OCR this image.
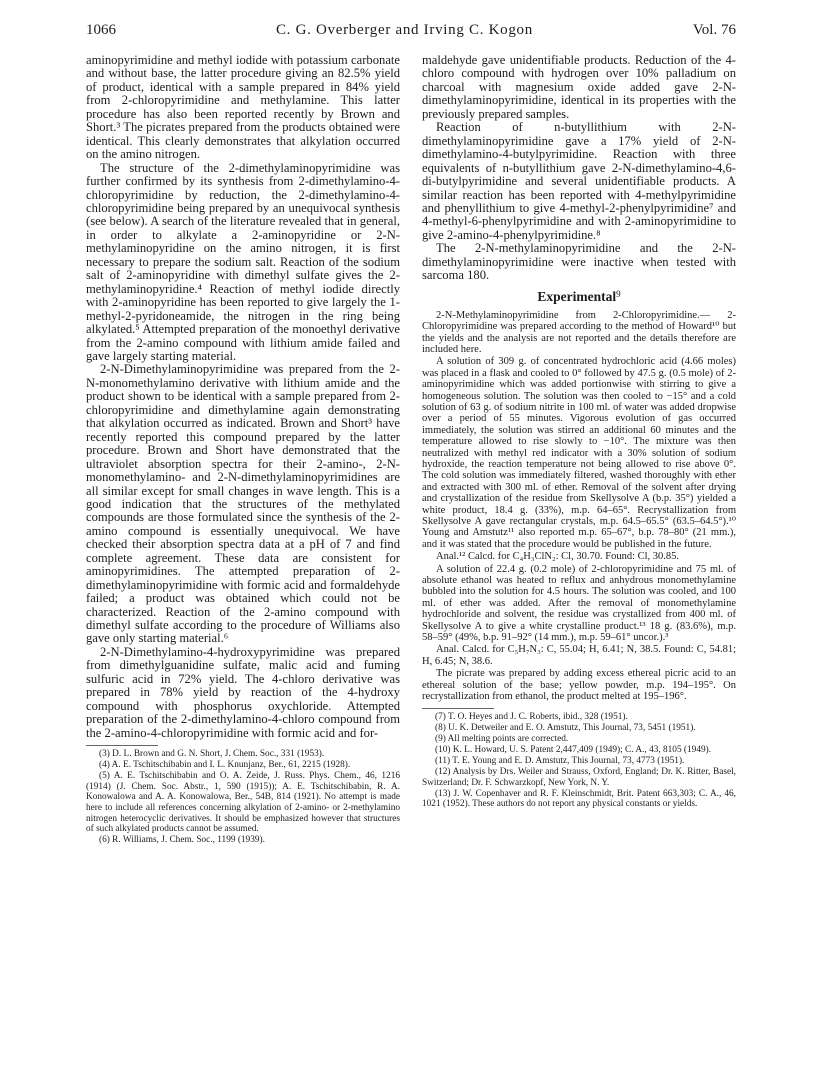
1066	C. G. Overberger and Irving C. Kogon	Vol. 76

aminopyrimidine and methyl iodide with potassium carbonate and without base, the latter procedure giving an 82.5% yield of product, identical with a sample prepared in 84% yield from 2-chloropyrimidine and methylamine. This latter procedure has also been reported recently by Brown and Short.³ The picrates prepared from the products obtained were identical. This clearly demonstrates that alkylation occurred on the amino nitrogen.

The structure of the 2-dimethylaminopyrimidine was further confirmed by its synthesis from 2-dimethylamino-4-chloropyrimidine by reduction, the 2-dimethylamino-4-chloropyrimidine being prepared by an unequivocal synthesis (see below). A search of the literature revealed that in general, in order to alkylate a 2-aminopyridine or 2-N-methylaminopyridine on the amino nitrogen, it is first necessary to prepare the sodium salt. Reaction of the sodium salt of 2-aminopyridine with dimethyl sulfate gives the 2-methylaminopyridine.⁴ Reaction of methyl iodide directly with 2-aminopyridine has been reported to give largely the 1-methyl-2-pyridoneamide, the nitrogen in the ring being alkylated.⁵ Attempted preparation of the monoethyl derivative from the 2-amino compound with lithium amide failed and gave largely starting material.

2-N-Dimethylaminopyrimidine was prepared from the 2-N-monomethylamino derivative with lithium amide and the product shown to be identical with a sample prepared from 2-chloropyrimidine and dimethylamine again demonstrating that alkylation occurred as indicated. Brown and Short³ have recently reported this compound prepared by the latter procedure. Brown and Short have demonstrated that the ultraviolet absorption spectra for their 2-amino-, 2-N-monomethylamino- and 2-N-dimethylaminopyrimidines are all similar except for small changes in wave length. This is a good indication that the structures of the methylated compounds are those formulated since the synthesis of the 2-amino compound is essentially unequivocal. We have checked their absorption spectra data at a pH of 7 and find complete agreement. These data are consistent for aminopyrimidines. The attempted preparation of 2-dimethylaminopyrimidine with formic acid and formaldehyde failed; a product was obtained which could not be characterized. Reaction of the 2-amino compound with dimethyl sulfate according to the procedure of Williams also gave only starting material.⁶

2-N-Dimethylamino-4-hydroxypyrimidine was prepared from dimethylguanidine sulfate, malic acid and fuming sulfuric acid in 72% yield. The 4-chloro derivative was prepared in 78% yield by reaction of the 4-hydroxy compound with phosphorus oxychloride. Attempted preparation of the 2-dimethylamino-4-chloro compound from the 2-amino-4-chloropyrimidine with formic acid and for-

(3) D. L. Brown and G. N. Short, J. Chem. Soc., 331 (1953).

(4) A. E. Tschitschibabin and I. L. Knunjanz, Ber., 61, 2215 (1928).

(5) A. E. Tschitschibabin and O. A. Zeide, J. Russ. Phys. Chem., 46, 1216 (1914) (J. Chem. Soc. Abstr., 1, 590 (1915)); A. E. Tschitschibabin, R. A. Konowalowa and A. A. Konowalowa, Ber., 54B, 814 (1921). No attempt is made here to include all references concerning alkylation of 2-amino- or 2-methylamino nitrogen heterocyclic derivatives. It should be emphasized however that structures of such alkylated products cannot be assumed.

(6) R. Williams, J. Chem. Soc., 1199 (1939).

maldehyde gave unidentifiable products. Reduction of the 4-chloro compound with hydrogen over 10% palladium on charcoal with magnesium oxide added gave 2-N-dimethylaminopyrimidine, identical in its properties with the previously prepared samples.

Reaction of n-butyllithium with 2-N-dimethylaminopyrimidine gave a 17% yield of 2-N-dimethylamino-4-butylpyrimidine. Reaction with three equivalents of n-butyllithium gave 2-N-dimethylamino-4,6-di-butylpyrimidine and several unidentifiable products. A similar reaction has been reported with 4-methylpyrimidine and phenyllithium to give 4-methyl-2-phenylpyrimidine⁷ and 4-methyl-6-phenylpyrimidine and with 2-aminopyrimidine to give 2-amino-4-phenylpyrimidine.⁸

The 2-N-methylaminopyrimidine and the 2-N-dimethylaminopyrimidine were inactive when tested with sarcoma 180.

Experimental$^9$

2-N-Methylaminopyrimidine from 2-Chloropyrimidine.— 2-Chloropyrimidine was prepared according to the method of Howard¹⁰ but the yields and the analysis are not reported and the details therefore are included here.

A solution of 309 g. of concentrated hydrochloric acid (4.66 moles) was placed in a flask and cooled to 0° followed by 47.5 g. (0.5 mole) of 2-aminopyrimidine which was added portionwise with stirring to give a homogeneous solution. The solution was then cooled to −15° and a cold solution of 63 g. of sodium nitrite in 100 ml. of water was added dropwise over a period of 55 minutes. Vigorous evolution of gas occurred immediately, the solution was stirred an additional 60 minutes and the temperature allowed to rise slowly to −10°. The mixture was then neutralized with methyl red indicator with a 30% solution of sodium hydroxide, the reaction temperature not being allowed to rise above 0°. The cold solution was immediately filtered, washed thoroughly with ether and extracted with 300 ml. of ether. Removal of the solvent after drying and crystallization of the residue from Skellysolve A (b.p. 35°) yielded a white product, 18.4 g. (33%), m.p. 64–65°. Recrystallization from Skellysolve A gave rectangular crystals, m.p. 64.5–65.5° (63.5–64.5°).¹⁰ Young and Amstutz¹¹ also reported m.p. 65–67°, b.p. 78–80° (21 mm.), and it was stated that the procedure would be published in the future.

Anal.¹² Calcd. for C₄H₃ClN₂: Cl, 30.70. Found: Cl, 30.85.

A solution of 22.4 g. (0.2 mole) of 2-chloropyrimidine and 75 ml. of absolute ethanol was heated to reflux and anhydrous monomethylamine bubbled into the solution for 4.5 hours. The solution was cooled, and 100 ml. of ether was added. After the removal of monomethylamine hydrochloride and solvent, the residue was crystallized from 400 ml. of Skellysolve A to give a white crystalline product.¹³ 18 g. (83.6%), m.p. 58–59° (49%, b.p. 91–92° (14 mm.), m.p. 59–61° uncor.).³

Anal. Calcd. for C₅H₇N₃: C, 55.04; H, 6.41; N, 38.5. Found: C, 54.81; H, 6.45; N, 38.6.

The picrate was prepared by adding excess ethereal picric acid to an ethereal solution of the base; yellow powder, m.p. 194–195°. On recrystallization from ethanol, the product melted at 195–196°.

(7) T. O. Heyes and J. C. Roberts, ibid., 328 (1951).

(8) U. K. Detweiler and E. O. Amstutz, This Journal, 73, 5451 (1951).

(9) All melting points are corrected.

(10) K. L. Howard, U. S. Patent 2,447,409 (1949); C. A., 43, 8105 (1949).

(11) T. E. Young and E. D. Amstutz, This Journal, 73, 4773 (1951).

(12) Analysis by Drs. Weiler and Strauss, Oxford, England; Dr. K. Ritter, Basel, Switzerland; Dr. F. Schwarzkopf, New York, N. Y.

(13) J. W. Copenhaver and R. F. Kleinschmidt, Brit. Patent 663,303; C. A., 46, 1021 (1952). These authors do not report any physical constants or yields.
